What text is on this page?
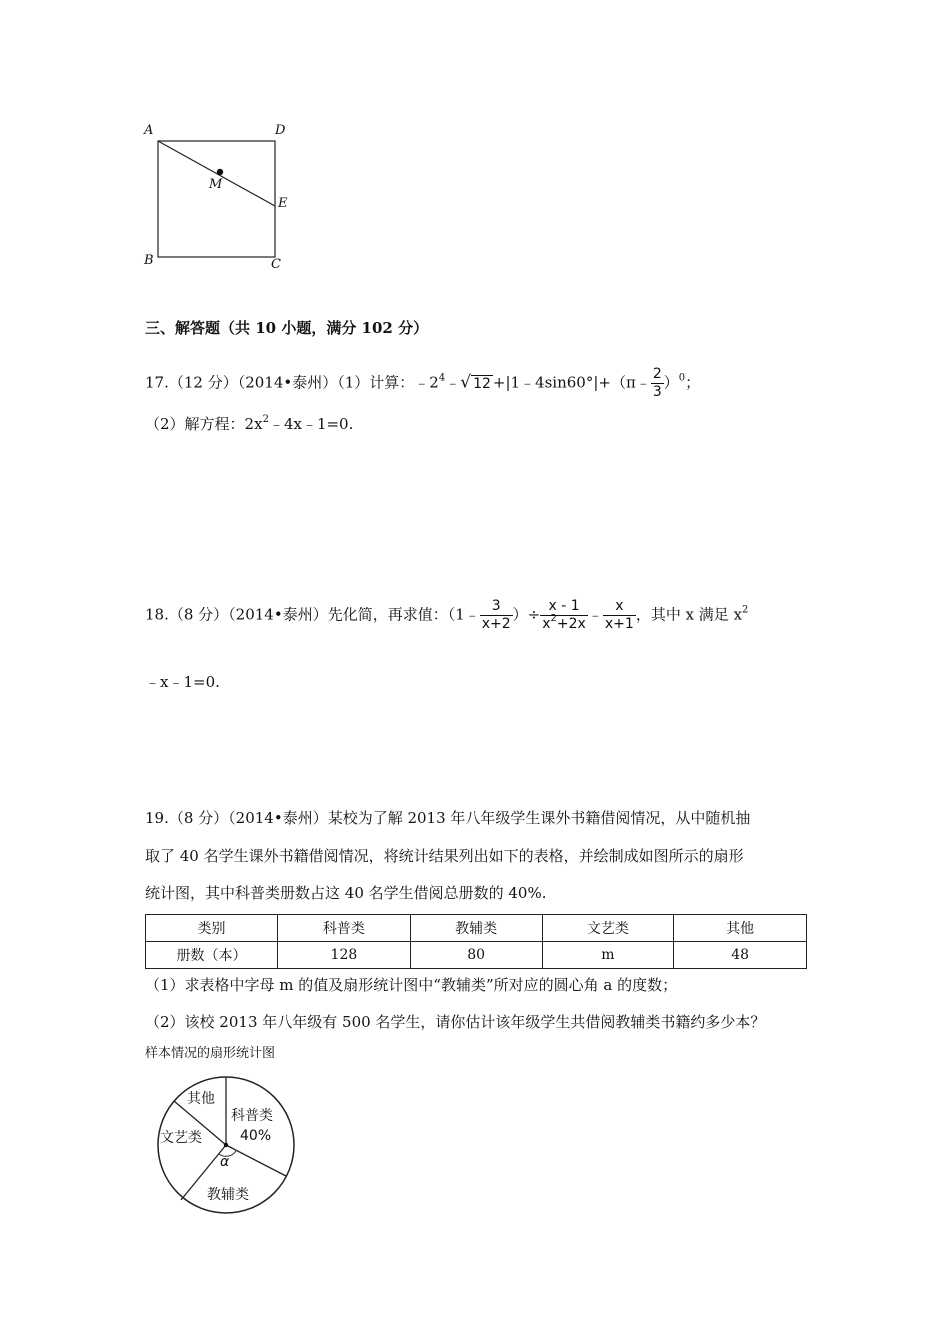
A	D
M
E
B	C
三、解答题（共 10 小题，满分 102 分）
17.（12 分）（2014•泰州）（1）计算：$﹣2^4﹣√$ 12 +|1﹣4sin60°|+（π﹣ $\frac{2}{3} )^0$；
（2）解方程：$2x^2﹣4x﹣1=0$.
18.（8 分）（2014•泰州）先化简，再求值：（1﹣ $\frac{3}{x+2}$ ）÷ $\frac{x - 1}{x^2+2x}$ ﹣ $\frac{x}{x+1}$ ，其中 x 满足 $x^2$
﹣x﹣1=0.
19.（8 分）（2014•泰州）某校为了解 2013 年八年级学生课外书籍借阅情况，从中随机抽
取了 40 名学生课外书籍借阅情况，将统计结果列出如下的表格，并绘制成如图所示的扇形
统计图，其中科普类册数占这 40 名学生借阅总册数的 40%.
类别	科普类	教辅类	文艺类	其他
册数（本）	128	80	m	48
（1）求表格中字母 m 的值及扇形统计图中“教辅类”所对应的圆心角 a 的度数；
（2）该校 2013 年八年级有 500 名学生，请你估计该年级学生共借阅教辅类书籍约多少本？
样本情况的扇形统计图
其他
科普类
40%
文艺类
α
教辅类
